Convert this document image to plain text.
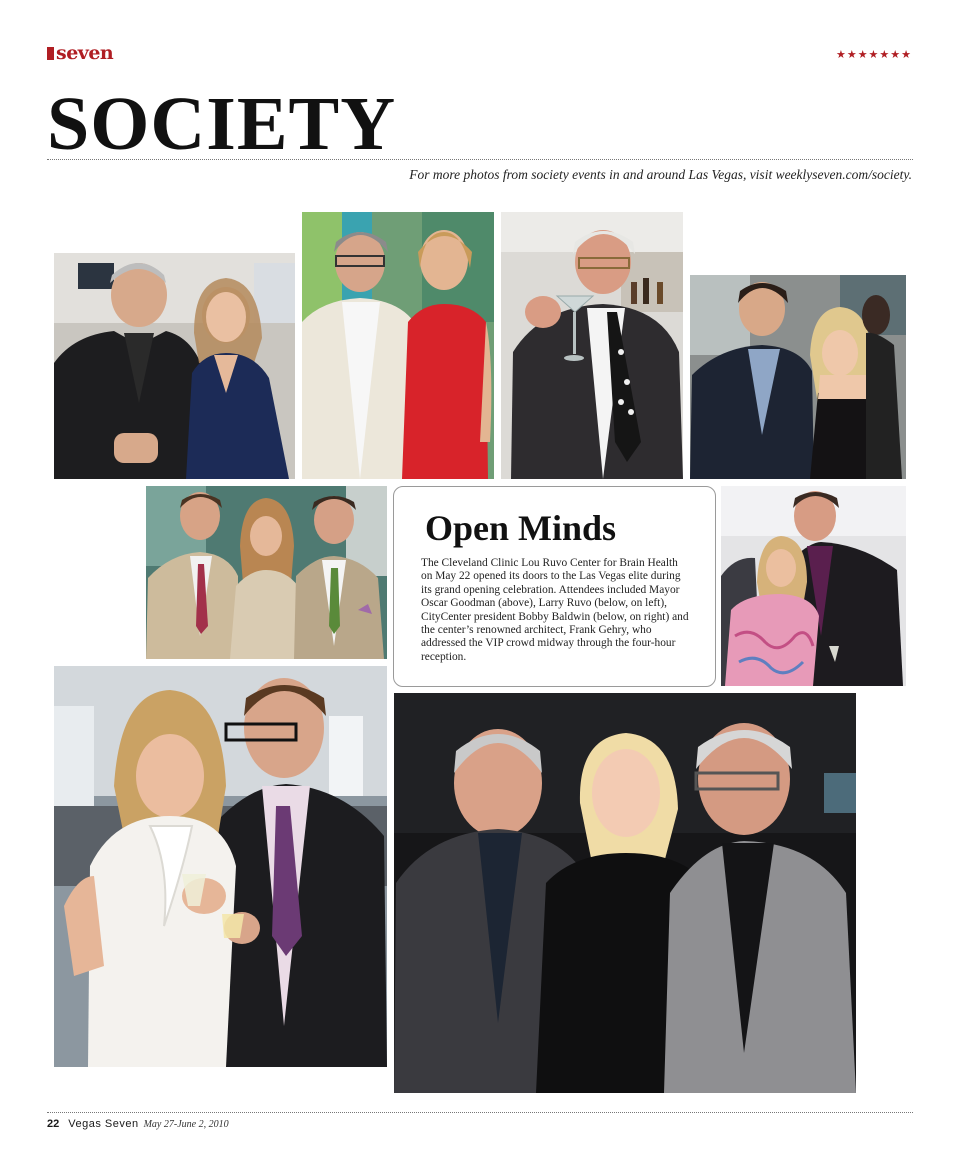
seven	★★★★★★★
SOCIETY
For more photos from society events in and around Las Vegas, visit weeklyseven.com/society.
Open Minds

The Cleveland Clinic Lou Ruvo Center for Brain Health on May 22 opened its doors to the Las Vegas elite during its grand opening celebration. Attendees included Mayor Oscar Goodman (above), Larry Ruvo (below, on left), CityCenter president Bobby Baldwin (below, on right) and the center’s renowned architect, Frank Gehry, who addressed the VIP crowd midway through the four-hour reception.

22 Vegas Seven May 27-June 2, 2010
